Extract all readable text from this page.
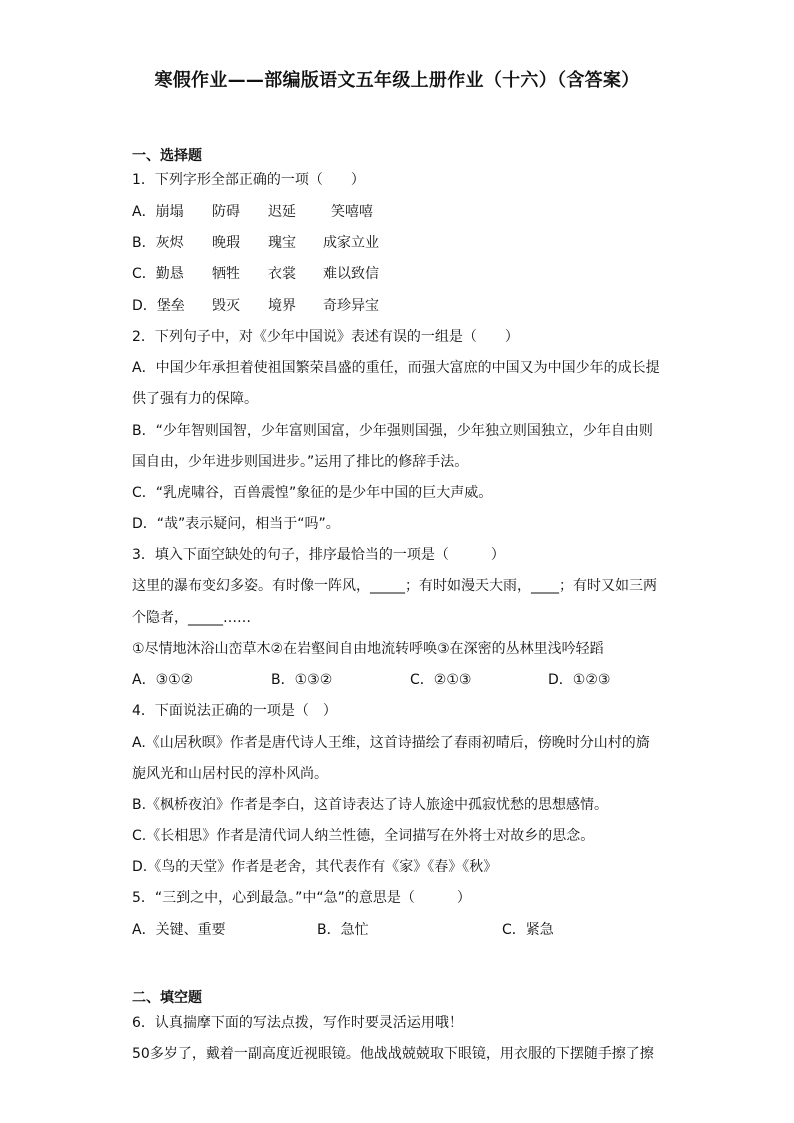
寒假作业——部编版语文五年级上册作业（十六）（含答案）
一、选择题
1．下列字形全部正确的一项（　　）
A．崩塌 防碍 迟延	笑嘻嘻
B．灰烬 晚瑕 瑰宝 成家立业
C．勤恳 牺牲 衣裳 难以致信
D．堡垒 毁灭 境界 奇珍异宝
2．下列句子中，对《少年中国说》表述有误的一组是（　　）
A．中国少年承担着使祖国繁荣昌盛的重任，而强大富庶的中国又为中国少年的成长提
供了强有力的保障。
B．“少年智则国智，少年富则国富，少年强则国强，少年独立则国独立，少年自由则
国自由，少年进步则国进步。”运用了排比的修辞手法。
C．“乳虎啸谷，百兽震惶”象征的是少年中国的巨大声威。
D．“哉”表示疑问，相当于“吗”。
3．填入下面空缺处的句子，排序最恰当的一项是（　　　）
这里的瀑布变幻多姿。有时像一阵风，_____；有时如漫天大雨，____；有时又如三两
个隐者，_____……
①尽情地沐浴山峦草木②在岩壑间自由地流转呼唤③在深密的丛林里浅吟轻蹈
A．③①②	B．①③②	C．②①③	D．①②③
4．下面说法正确的一项是（　）
A.《山居秋暝》作者是唐代诗人王维，这首诗描绘了春雨初晴后，傍晚时分山村的旖
旎风光和山居村民的淳朴风尚。
B.《枫桥夜泊》作者是李白，这首诗表达了诗人旅途中孤寂忧愁的思想感情。
C.《长相思》作者是清代词人纳兰性德，全词描写在外将士对故乡的思念。
D.《鸟的天堂》作者是老舍，其代表作有《家》《春》《秋》
5．“三到之中，心到最急。”中“急”的意思是（　　　）
A．关键、重要	B．急忙	C．紧急
二、填空题
6．认真揣摩下面的写法点拨，写作时要灵活运用哦！
50多岁了，戴着一副高度近视眼镜。他战战兢兢取下眼镜，用衣服的下摆随手擦了擦
